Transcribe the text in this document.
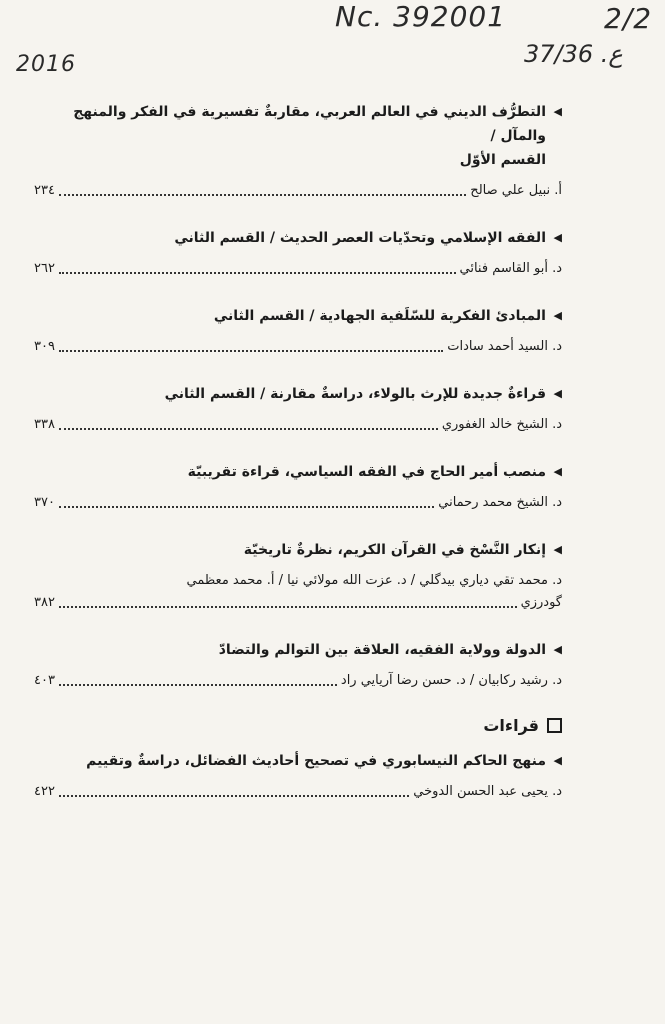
Nc. 392001	2/2
2016	37/36 .ع
◀
التطرُّف الديني في العالم العربي، مقاربةٌ تفسيرية في الفكر والمنهج والمآل /
القسم الأوّل
أ. نبيل علي صالح
٢٣٤
◀
الفقه الإسلامي وتحدّيات العصر الحديث / القسم الثاني
د. أبو القاسم فنائي
٢٦٢
◀
المبادئ الفكرية للسّلَفية الجهادية / القسم الثاني
د. السيد أحمد سادات
٣٠٩
◀
قراءةٌ جديدة للإرث بالولاء، دراسةٌ مقارنة / القسم الثاني
د. الشيخ خالد الغفوري
٣٣٨
◀
منصب أمير الحاج في الفقه السياسي، قراءة تقريبيّة
د. الشيخ محمد رحماني
٣٧٠
◀
إنكار النَّسْخ في القرآن الكريم، نظرةٌ تاريخيّة
د. محمد تقي دياري بيدگلي / د. عزت الله مولائي نيا / أ. محمد معظمي
گودرزي
٣٨٢
◀
الدولة وولاية الفقيه، العلاقة بين التوالم والتضادّ
د. رشيد ركابيان / د. حسن رضا آريايي راد
٤٠٣
قراءات
◀
منهج الحاكم النيسابوري في تصحيح أحاديث الفضائل، دراسةٌ وتقييم
د. يحيى عبد الحسن الدوخي
٤٢٢
